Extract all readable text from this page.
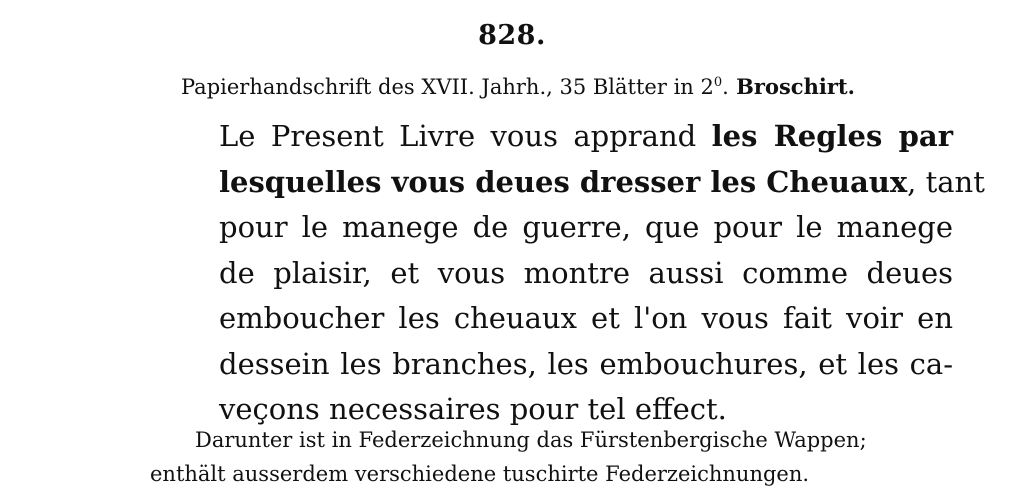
828.
Papierhandschrift des XVII. Jahrh., 35 Blätter in $2^0$. Broschirt.
Le Present Livre vous apprand les Regles par
lesquelles vous deues dresser les Cheuaux, tant
pour le manege de guerre, que pour le manege
de plaisir, et vous montre aussi comme deues
emboucher les cheuaux et l'on vous fait voir en
dessein les branches, les embouchures, et les ca-
veçons necessaires pour tel effect.
Darunter ist in Federzeichnung das Fürstenbergische Wappen;
enthält ausserdem verschiedene tuschirte Federzeichnungen.
